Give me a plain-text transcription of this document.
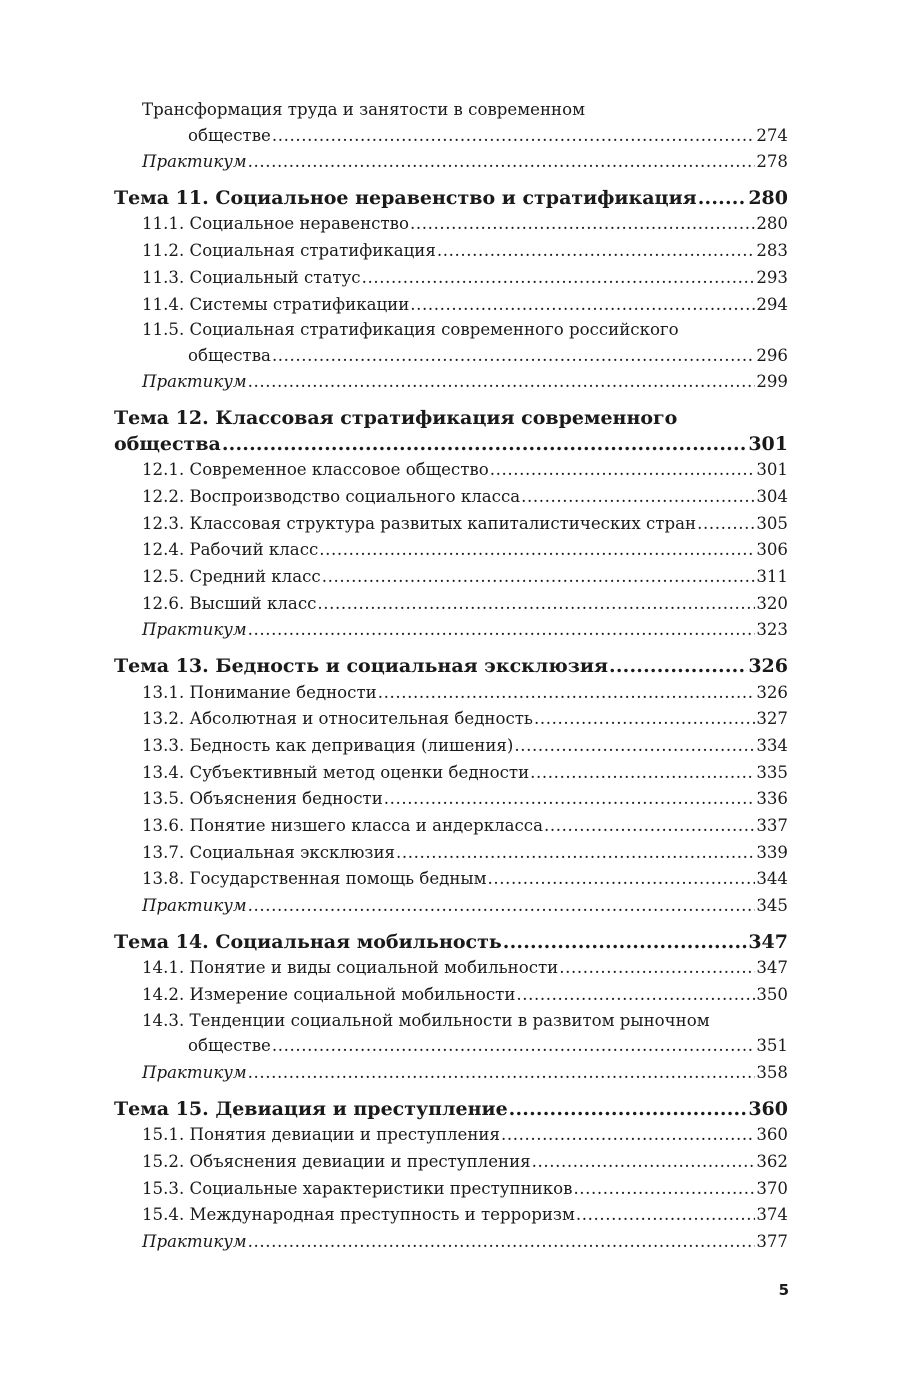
Трансформация труда и занятости в современном
обществе .....	274
Практикум .....	278
Тема 11. Социальное неравенство и стратификация .....	280
11.1. Социальное неравенство .....	280
11.2. Социальная стратификация .....	283
11.3. Социальный статус .....	293
11.4. Системы стратификации .....	294
11.5. Социальная стратификация современного российского
общества .....	296
Практикум .....	299
Тема 12. Классовая стратификация современного
общества .....	301
12.1. Современное классовое общество .....	301
12.2. Воспроизводство социального класса .....	304
12.3. Классовая структура развитых капиталистических стран .....	305
12.4. Рабочий класс .....	306
12.5. Средний класс .....	311
12.6. Высший класс .....	320
Практикум .....	323
Тема 13. Бедность и социальная эксклюзия .....	326
13.1. Понимание бедности .....	326
13.2. Абсолютная и относительная бедность .....	327
13.3. Бедность как депривация (лишения) .....	334
13.4. Субъективный метод оценки бедности .....	335
13.5. Объяснения бедности .....	336
13.6. Понятие низшего класса и андеркласса .....	337
13.7. Социальная эксклюзия .....	339
13.8. Государственная помощь бедным .....	344
Практикум .....	345
Тема 14. Социальная мобильность .....	347
14.1. Понятие и виды социальной мобильности .....	347
14.2. Измерение социальной мобильности .....	350
14.3. Тенденции социальной мобильности в развитом рыночном
обществе .....	351
Практикум .....	358
Тема 15. Девиация и преступление .....	360
15.1. Понятия девиации и преступления .....	360
15.2. Объяснения девиации и преступления .....	362
15.3. Социальные характеристики преступников .....	370
15.4. Международная преступность и терроризм .....	374
Практикум .....	377
5
